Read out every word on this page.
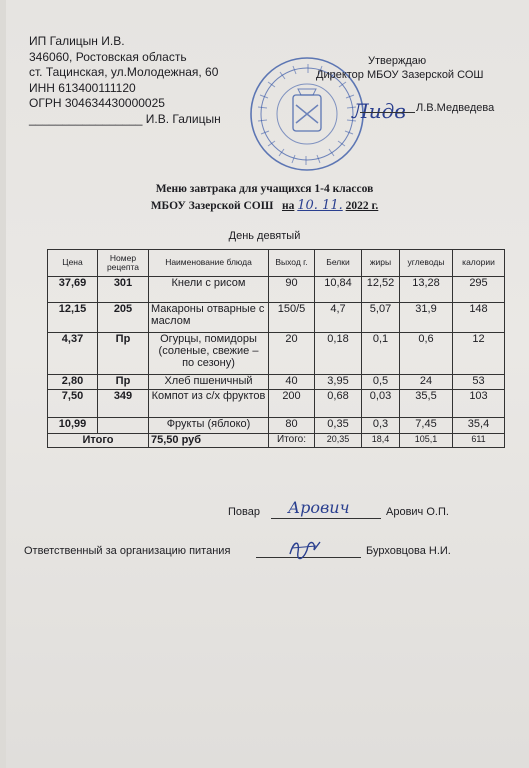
ИП Галицын И.В.
346060, Ростовская область
ст. Тацинская, ул.Молодежная, 60
ИНН 613400111120
ОГРН 304634430000025
_________________ И.В. Галицын
Утверждаю
Директор МБОУ Зазерской СОШ
Лидв Л.В.Медведева
Меню завтрака для учащихся 1-4 классов
МБОУ Зазерской СОШ на 10. 11. 2022 г.
День девятый
Цена	Номер рецепта	Наименование блюда	Выход г.	Белки	жиры	углеводы	калории
37,69	301	Кнели с рисом	90	10,84	12,52	13,28	295
12,15	205	Макароны отварные с маслом	150/5	4,7	5,07	31,9	148
4,37	Пр	Огурцы, помидоры (соленые, свежие – по сезону)	20	0,18	0,1	0,6	12
2,80	Пр	Хлеб пшеничный	40	3,95	0,5	24	53
7,50	349	Компот из с/х фруктов	200	0,68	0,03	35,5	103
10,99		Фрукты (яблоко)	80	0,35	0,3	7,45	35,4
Итого		75,50 руб	Итого:	20,35	18,4	105,1	611
Повар Арович	Арович О.П.
Ответственный за организацию питания	Бурховцова Н.И.
